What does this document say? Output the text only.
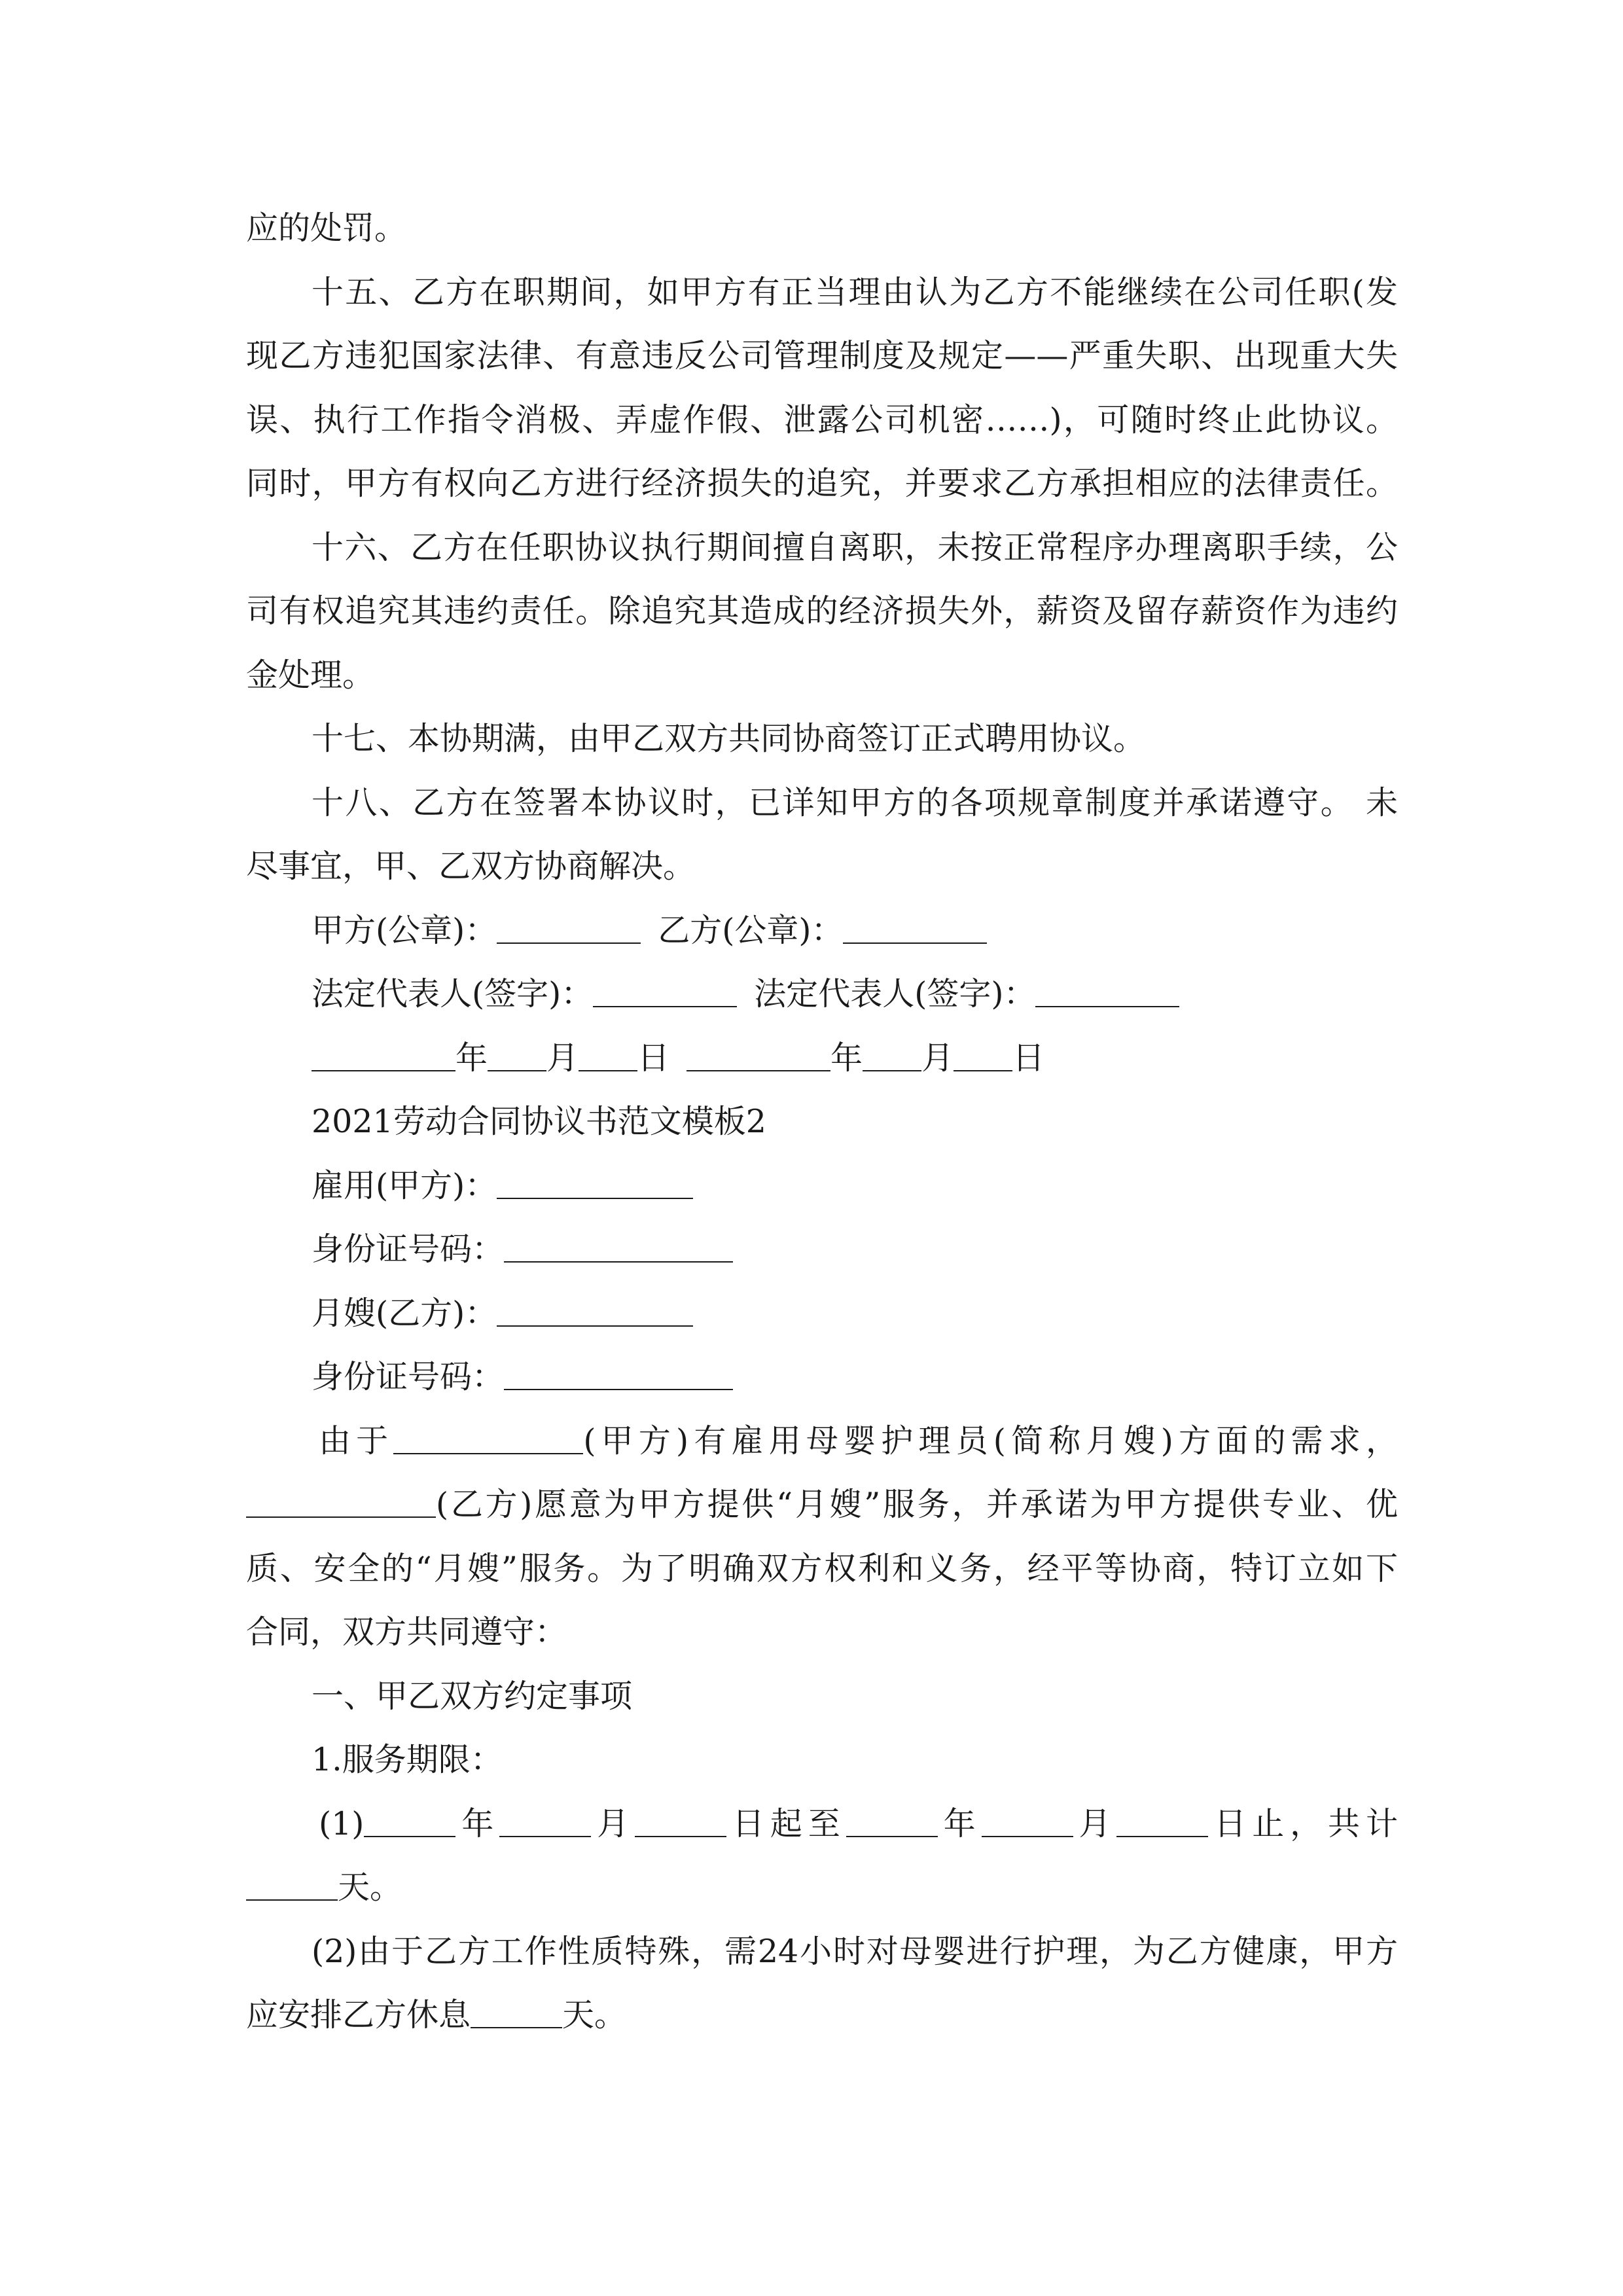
应的处罚。

十五、乙方在职期间，如甲方有正当理由认为乙方不能继续在公司任职(发

现乙方违犯国家法律、有意违反公司管理制度及规定——严重失职、出现重大失

误、执行工作指令消极、弄虚作假、泄露公司机密……)，可随时终止此协议。

同时，甲方有权向乙方进行经济损失的追究，并要求乙方承担相应的法律责任。

十六、乙方在任职协议执行期间擅自离职，未按正常程序办理离职手续，公

司有权追究其违约责任。除追究其造成的经济损失外，薪资及留存薪资作为违约

金处理。

十七、本协期满，由甲乙双方共同协商签订正式聘用协议。

十八、乙方在签署本协议时，已详知甲方的各项规章制度并承诺遵守。 未

尽事宜，甲、乙双方协商解决。

甲方(公章)：	乙方(公章)：

法定代表人(签字)：	法定代表人(签字)：

年 月 日	年 月 日

2021劳动合同协议书范文模板2

雇用(甲方)：

身份证号码：

月嫂(乙方)：

身份证号码：

由于	(甲方)有雇用母婴护理员(简称月嫂)方面的需求，

(乙方)愿意为甲方提供“月嫂”服务，并承诺为甲方提供专业、优

质、安全的“月嫂”服务。为了明确双方权利和义务，经平等协商，特订立如下

合同，双方共同遵守：

一、甲乙双方约定事项

1.服务期限：

(1)	年	月	日起至	年	月	日止，共计

天。

(2)由于乙方工作性质特殊，需24小时对母婴进行护理，为乙方健康，甲方

应安排乙方休息	天。
